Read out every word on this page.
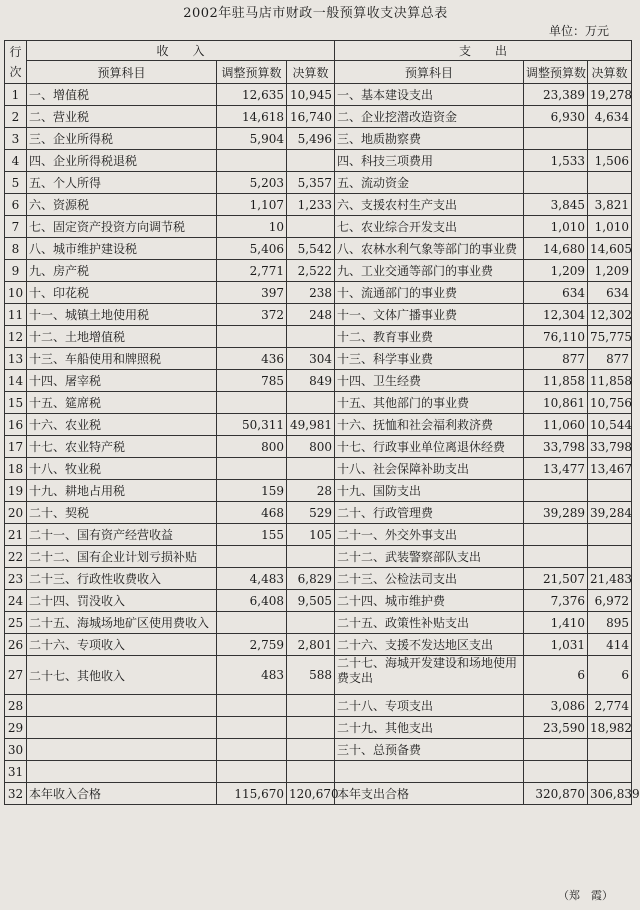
2002年驻马店市财政一般预算收支决算总表
单位：万元
行次	收　　入			支　　出		
	预算科目	调整预算数	决算数	预算科目	调整预算数	决算数
1	一、增值税	12,635	10,945	一、基本建设支出	23,389	19,278
2	二、营业税	14,618	16,740	二、企业挖潜改造资金	6,930	4,634
3	三、企业所得税	5,904	5,496	三、地质勘察费		
4	四、企业所得税退税			四、科技三项费用	1,533	1,506
5	五、个人所得	5,203	5,357	五、流动资金		
6	六、资源税	1,107	1,233	六、支援农村生产支出	3,845	3,821
7	七、固定资产投资方向调节税	10		七、农业综合开发支出	1,010	1,010
8	八、城市维护建设税	5,406	5,542	八、农林水利气象等部门的事业费	14,680	14,605
9	九、房产税	2,771	2,522	九、工业交通等部门的事业费	1,209	1,209
10	十、印花税	397	238	十、流通部门的事业费	634	634
11	十一、城镇土地使用税	372	248	十一、文体广播事业费	12,304	12,302
12	十二、土地增值税			十二、教育事业费	76,110	75,775
13	十三、车船使用和牌照税	436	304	十三、科学事业费	877	877
14	十四、屠宰税	785	849	十四、卫生经费	11,858	11,858
15	十五、筵席税			十五、其他部门的事业费	10,861	10,756
16	十六、农业税	50,311	49,981	十六、抚恤和社会福利救济费	11,060	10,544
17	十七、农业特产税	800	800	十七、行政事业单位离退休经费	33,798	33,798
18	十八、牧业税			十八、社会保障补助支出	13,477	13,467
19	十九、耕地占用税	159	28	十九、国防支出		
20	二十、契税	468	529	二十、行政管理费	39,289	39,284
21	二十一、国有资产经营收益	155	105	二十一、外交外事支出		
22	二十二、国有企业计划亏损补贴			二十二、武装警察部队支出		
23	二十三、行政性收费收入	4,483	6,829	二十三、公检法司支出	21,507	21,483
24	二十四、罚没收入	6,408	9,505	二十四、城市维护费	7,376	6,972
25	二十五、海城场地矿区使用费收入			二十五、政策性补贴支出	1,410	895
26	二十六、专项收入	2,759	2,801	二十六、支援不发达地区支出	1,031	414
27	二十七、其他收入	483	588	二十七、海城开发建设和场地使用费支出	6	6
28				二十八、专项支出	3,086	2,774
29				二十九、其他支出	23,590	18,982
30				三十、总预备费		
31						
32	本年收入合格	115,670	120,670	本年支出合格	320,870	306,839
（郑　霞）
